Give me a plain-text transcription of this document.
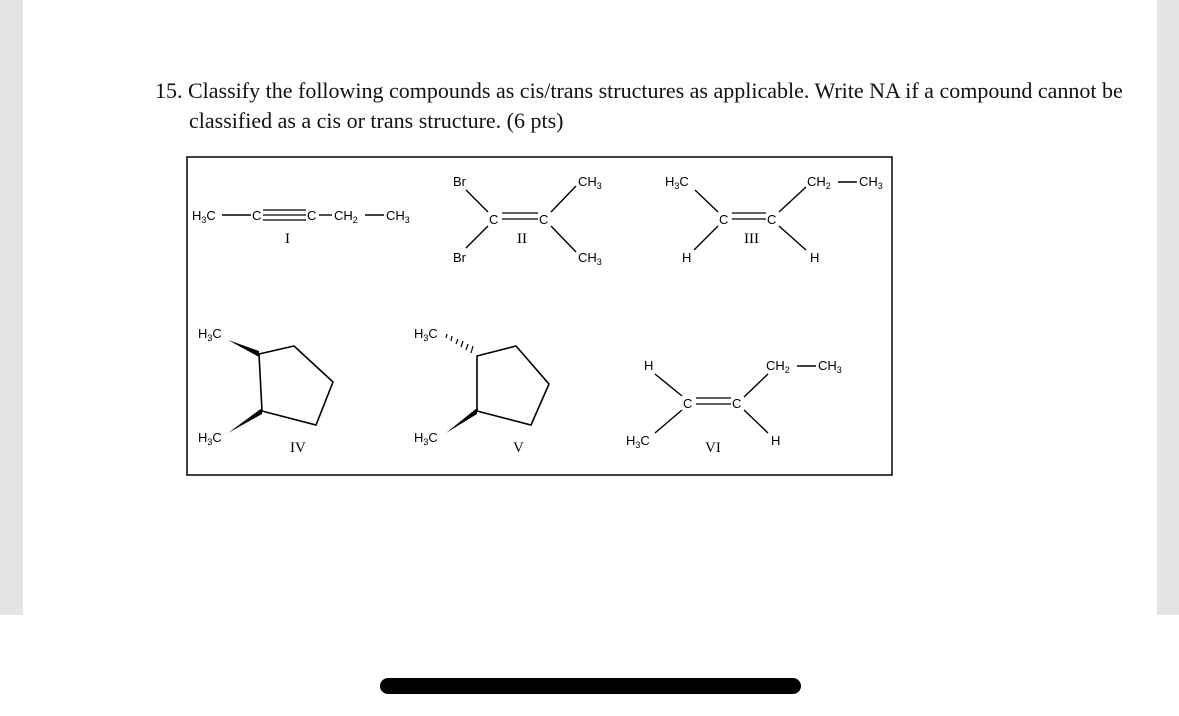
15. Classify the following compounds as cis/trans structures as applicable. Write NA if a compound cannot be classified as a cis or trans structure. (6 pts)
$H_3C$	C	C $CH_2$ $CH_3$
I
Br
Br
$CH_3$
$CH_3$
C	C
II
$H_3C$
H
$CH_2$ $CH_3$
H
C	C
III
$H_3C$
$H_3C$
IV
$H_3C$
$H_3C$
V
H
$H_3C$
$CH_2$ $CH_3$
H
C	C
VI
